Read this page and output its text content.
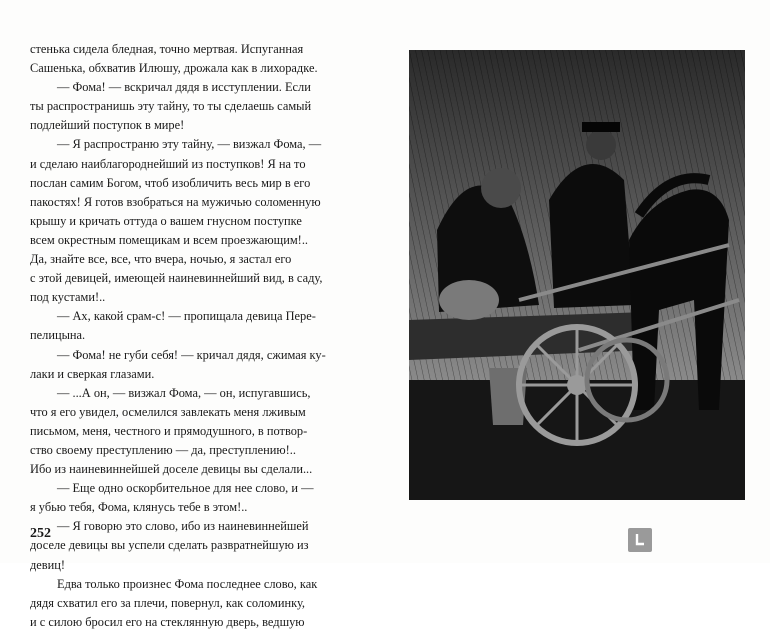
стенька сидела бледная, точно мертвая. Испуганная
Сашенька, обхватив Илюшу, дрожала как в лихорадке.
— Фома! — вскричал дядя в исступлении. Если
ты распространишь эту тайну, то ты сделаешь самый
подлейший поступок в мире!
— Я распространю эту тайну, — визжал Фома, —
и сделаю наиблагороднейший из поступков! Я на то
послан самим Богом, чтоб изобличить весь мир в его
пакостях! Я готов взобраться на мужичью соломенную
крышу и кричать оттуда о вашем гнусном поступке
всем окрестным помещикам и всем проезжающим!..
Да, знайте все, все, что вчера, ночью, я застал его
с этой девицей, имеющей наиневиннейший вид, в саду,
под кустами!..
— Ах, какой срам-с! — пропищала девица Пере-
пелицына.
— Фома! не губи себя! — кричал дядя, сжимая ку-
лаки и сверкая глазами.
— ...А он, — визжал Фома, — он, испугавшись,
что я его увидел, осмелился завлекать меня лживым
письмом, меня, честного и прямодушного, в потвор-
ство своему преступлению — да, преступлению!..
Ибо из наиневиннейшей доселе девицы вы сделали...
— Еще одно оскорбительное для нее слово, и —
я убью тебя, Фома, клянусь тебе в этом!..
— Я говорю это слово, ибо из наиневиннейшей
доселе девицы вы успели сделать развратнейшую из
девиц!
Едва только произнес Фома последнее слово, как
дядя схватил его за плечи, повернул, как соломинку,
и с силою бросил его на стеклянную дверь, ведшую
252
